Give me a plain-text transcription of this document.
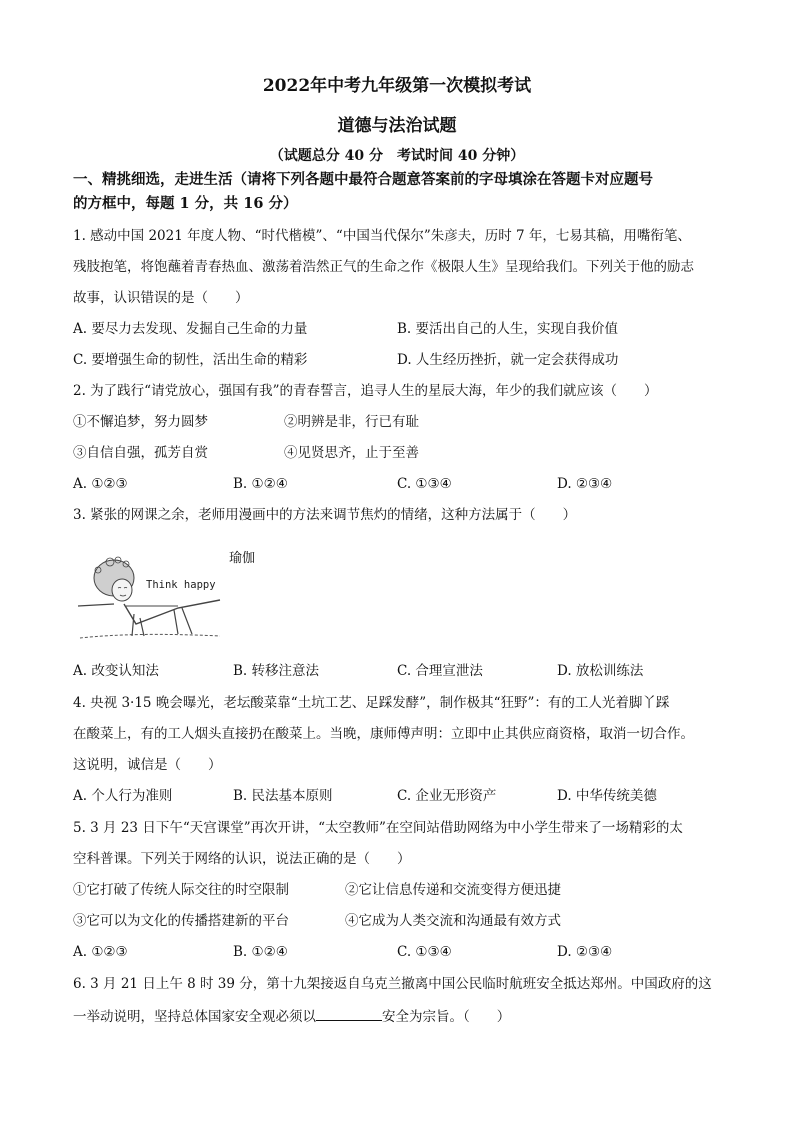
2022年中考九年级第一次模拟考试
道德与法治试题
（试题总分 40 分　考试时间 40 分钟）
一、精挑细选，走进生活（请将下列各题中最符合题意答案前的字母填涂在答题卡对应题号
的方框中，每题 1 分，共 16 分）
1. 感动中国 2021 年度人物、“时代楷模”、“中国当代保尔”朱彦夫，历时 7 年，七易其稿，用嘴衔笔、
残肢抱笔，将饱蘸着青春热血、激荡着浩然正气的生命之作《极限人生》呈现给我们。下列关于他的励志
故事，认识错误的是（　　）
A. 要尽力去发现、发掘自己生命的力量	B. 要活出自己的人生，实现自我价值
C. 要增强生命的韧性，活出生命的精彩	D. 人生经历挫折，就一定会获得成功
2. 为了践行“请党放心，强国有我”的青春誓言，追寻人生的星辰大海，年少的我们就应该（　　）
①不懈追梦，努力圆梦	②明辨是非，行已有耻
③自信自强，孤芳自赏	④见贤思齐，止于至善
A. ①②③	B. ①②④	C. ①③④	D. ②③④
3. 紧张的网课之余，老师用漫画中的方法来调节焦灼的情绪，这种方法属于（　　）
Think happy
瑜伽
A. 改变认知法	B. 转移注意法	C. 合理宣泄法	D. 放松训练法
4. 央视 3·15 晚会曝光，老坛酸菜靠“土坑工艺、足踩发酵”，制作极其“狂野”：有的工人光着脚丫踩
在酸菜上，有的工人烟头直接扔在酸菜上。当晚，康师傅声明：立即中止其供应商资格，取消一切合作。
这说明，诚信是（　　）
A. 个人行为准则	B. 民法基本原则	C. 企业无形资产	D. 中华传统美德
5. 3 月 23 日下午“天宫课堂”再次开讲，“太空教师”在空间站借助网络为中小学生带来了一场精彩的太
空科普课。下列关于网络的认识，说法正确的是（　　）
①它打破了传统人际交往的时空限制	②它让信息传递和交流变得方便迅捷
③它可以为文化的传播搭建新的平台	④它成为人类交流和沟通最有效方式
A. ①②③	B. ①②④	C. ①③④	D. ②③④
6. 3 月 21 日上午 8 时 39 分，第十九架接返自乌克兰撤离中国公民临时航班安全抵达郑州。中国政府的这
一举动说明，坚持总体国家安全观必须以	安全为宗旨。（　　）
